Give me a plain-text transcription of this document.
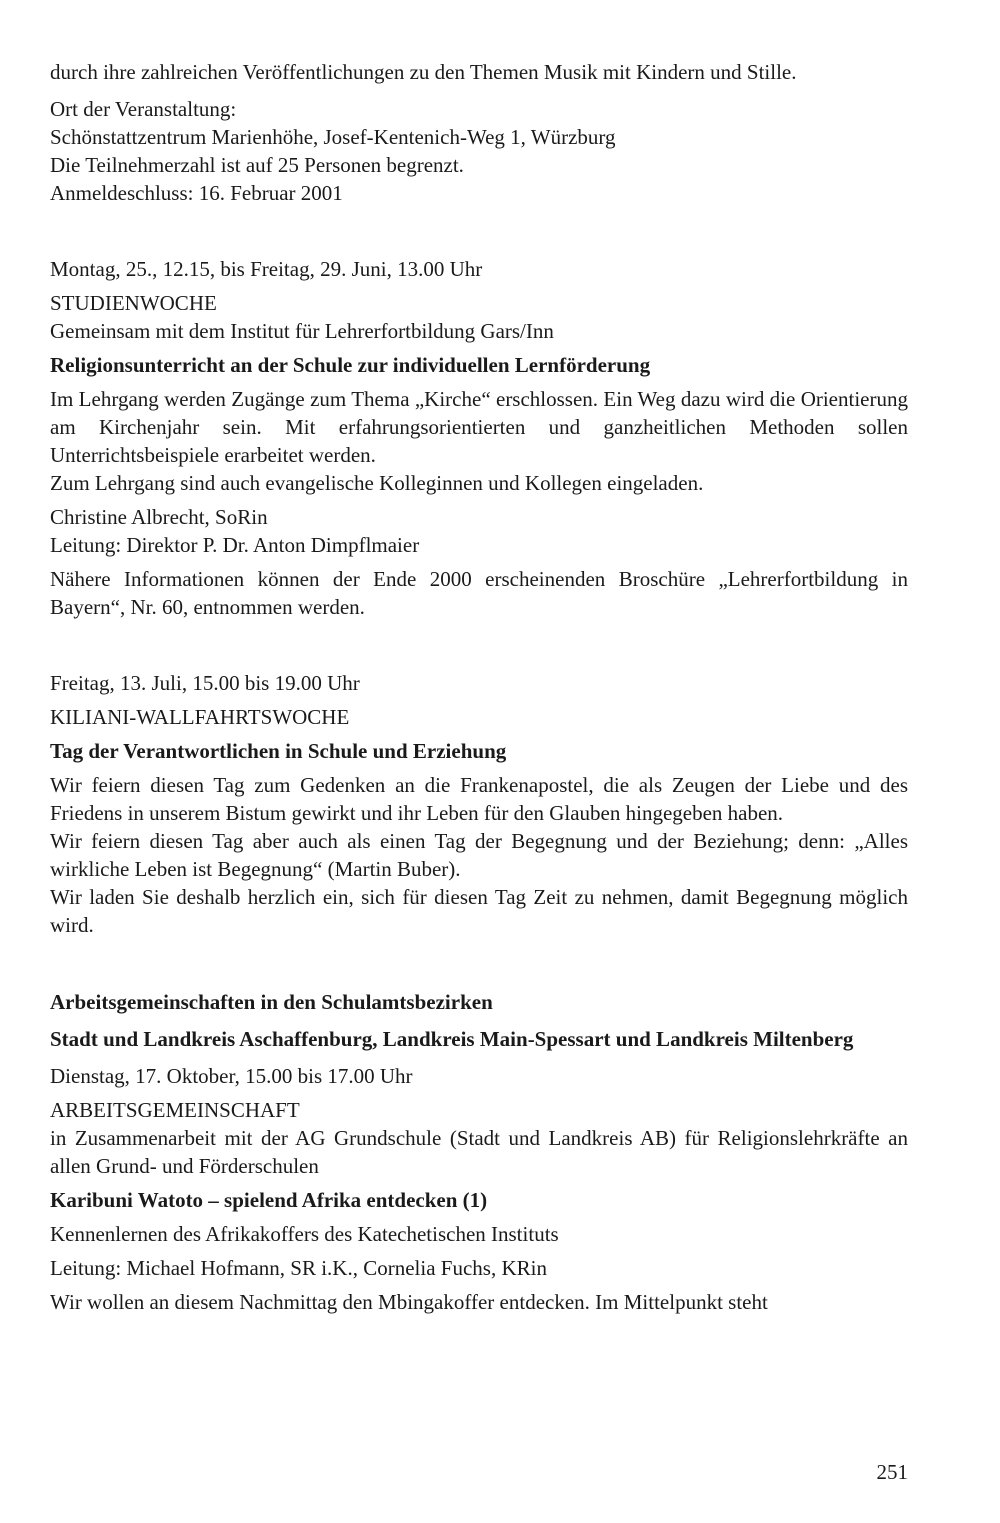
durch ihre zahlreichen Veröffentlichungen zu den Themen Musik mit Kindern und Stille.

Ort der Veranstaltung:

Schönstattzentrum Marienhöhe, Josef-Kentenich-Weg 1, Würzburg

Die Teilnehmerzahl ist auf 25 Personen begrenzt.

Anmeldeschluss: 16. Februar 2001

Montag, 25., 12.15, bis Freitag, 29. Juni, 13.00 Uhr

STUDIENWOCHE

Gemeinsam mit dem Institut für Lehrerfortbildung Gars/Inn

Religionsunterricht an der Schule zur individuellen Lernförderung

Im Lehrgang werden Zugänge zum Thema „Kirche“ erschlossen. Ein Weg dazu wird die Orientierung am Kirchenjahr sein. Mit erfahrungsorientierten und ganzheitlichen Methoden sollen Unterrichtsbeispiele erarbeitet werden.

Zum Lehrgang sind auch evangelische Kolleginnen und Kollegen eingeladen.

Christine Albrecht, SoRin

Leitung: Direktor P. Dr. Anton Dimpflmaier

Nähere Informationen können der Ende 2000 erscheinenden Broschüre „Lehrerfortbildung in Bayern“, Nr. 60, entnommen werden.

Freitag, 13. Juli, 15.00 bis 19.00 Uhr

KILIANI-WALLFAHRTSWOCHE

Tag der Verantwortlichen in Schule und Erziehung

Wir feiern diesen Tag zum Gedenken an die Frankenapostel, die als Zeugen der Liebe und des Friedens in unserem Bistum gewirkt und ihr Leben für den Glauben hingegeben haben.

Wir feiern diesen Tag aber auch als einen Tag der Begegnung und der Beziehung; denn: „Alles wirkliche Leben ist Begegnung“ (Martin Buber).

Wir laden Sie deshalb herzlich ein, sich für diesen Tag Zeit zu nehmen, damit Begegnung möglich wird.

Arbeitsgemeinschaften in den Schulamtsbezirken

Stadt und Landkreis Aschaffenburg, Landkreis Main-Spessart und Landkreis Miltenberg

Dienstag, 17. Oktober, 15.00 bis 17.00 Uhr

ARBEITSGEMEINSCHAFT

in Zusammenarbeit mit der AG Grundschule (Stadt und Landkreis AB) für Religionslehrkräfte an allen Grund- und Förderschulen

Karibuni Watoto – spielend Afrika entdecken (1)

Kennenlernen des Afrikakoffers des Katechetischen Instituts

Leitung: Michael Hofmann, SR i.K., Cornelia Fuchs, KRin

Wir wollen an diesem Nachmittag den Mbingakoffer entdecken. Im Mittelpunkt steht

251
